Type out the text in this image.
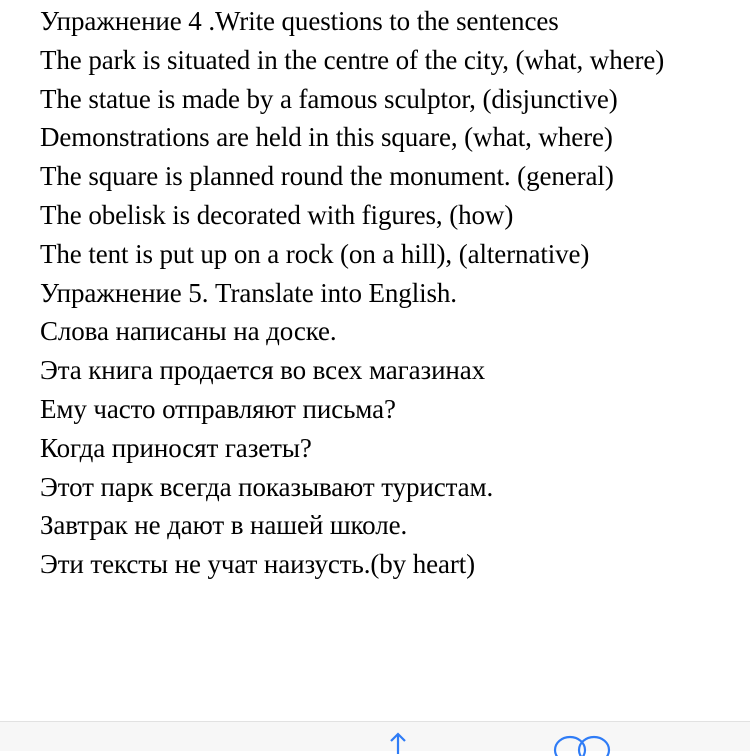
Упражнение 4 .Write questions to the sentences
The park is situated in the centre of the city, (what, where)
The statue is made by a famous sculptor, (disjunctive)
Demonstrations are held in this square, (what, where)
The square is planned round the monument. (general)
The obelisk is decorated with figures, (how)
The tent is put up on a rock (on a hill), (alternative)
Упражнение 5. Translate into English.
Слова написаны на доске.
Эта книга продается во всех магазинах
Ему часто отправляют письма?
Когда приносят газеты?
Этот парк всегда показывают туристам.
Завтрак не дают в нашей школе.
Эти тексты не учат наизусть.(by heart)
